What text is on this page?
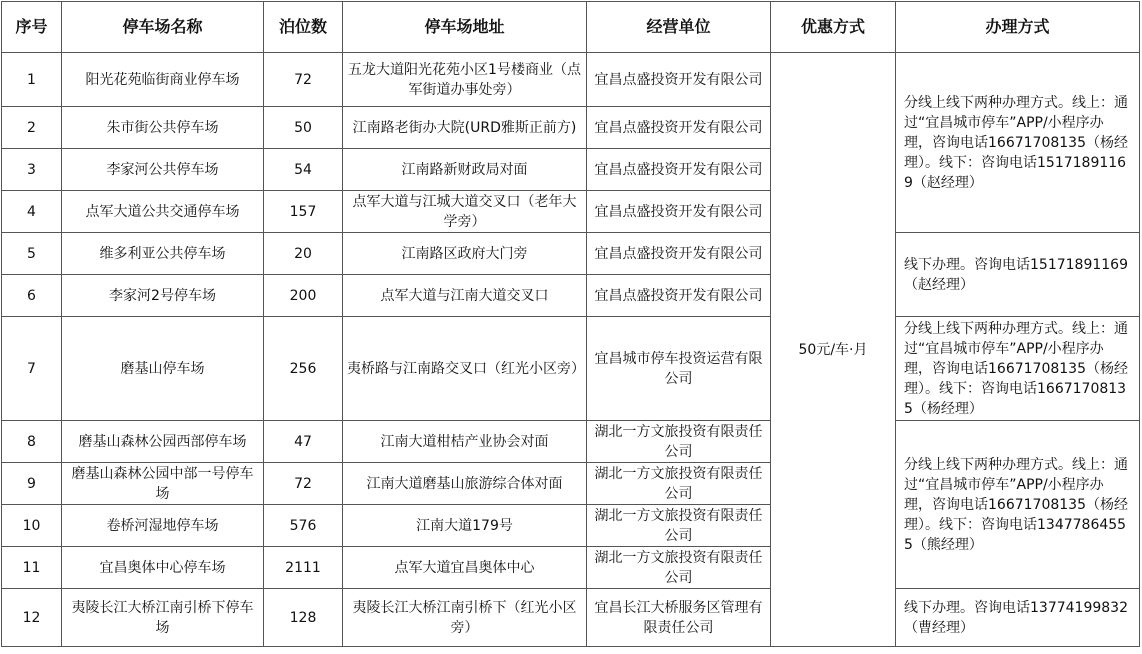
序号	停车场名称	泊位数	停车场地址	经营单位	优惠方式	办理方式
1	阳光花苑临街商业停车场	72	五龙大道阳光花苑小区1号楼商业（点军街道办事处旁）	宜昌点盛投资开发有限公司	50元/车·月	分线上线下两种办理方式。线上：通过“宜昌城市停车”APP/小程序办理，咨询电话16671708135（杨经理）。线下：咨询电话15171891169（赵经理）
2	朱市街公共停车场	50	江南路老街办大院(URD雅斯正前方)	宜昌点盛投资开发有限公司		
3	李家河公共停车场	54	江南路新财政局对面	宜昌点盛投资开发有限公司		
4	点军大道公共交通停车场	157	点军大道与江城大道交叉口（老年大学旁）	宜昌点盛投资开发有限公司		
5	维多利亚公共停车场	20	江南路区政府大门旁	宜昌点盛投资开发有限公司		线下办理。咨询电话15171891169（赵经理）
6	李家河2号停车场	200	点军大道与江南大道交叉口	宜昌点盛投资开发有限公司		
7	磨基山停车场	256	夷桥路与江南路交叉口（红光小区旁）	宜昌城市停车投资运营有限公司		分线上线下两种办理方式。线上：通过“宜昌城市停车”APP/小程序办理，咨询电话16671708135（杨经理）。线下：咨询电话16671708135（杨经理）
8	磨基山森林公园西部停车场	47	江南大道柑桔产业协会对面	湖北一方文旅投资有限责任公司		分线上线下两种办理方式。线上：通过“宜昌城市停车”APP/小程序办理，咨询电话16671708135（杨经理）。线下：咨询电话13477864555（熊经理）
9	磨基山森林公园中部一号停车场	72	江南大道磨基山旅游综合体对面	湖北一方文旅投资有限责任公司		
10	卷桥河湿地停车场	576	江南大道179号	湖北一方文旅投资有限责任公司		
11	宜昌奥体中心停车场	2111	点军大道宜昌奥体中心	湖北一方文旅投资有限责任公司		
12	夷陵长江大桥江南引桥下停车场	128	夷陵长江大桥江南引桥下（红光小区旁）	宜昌长江大桥服务区管理有限责任公司		线下办理。咨询电话13774199832（曹经理）
